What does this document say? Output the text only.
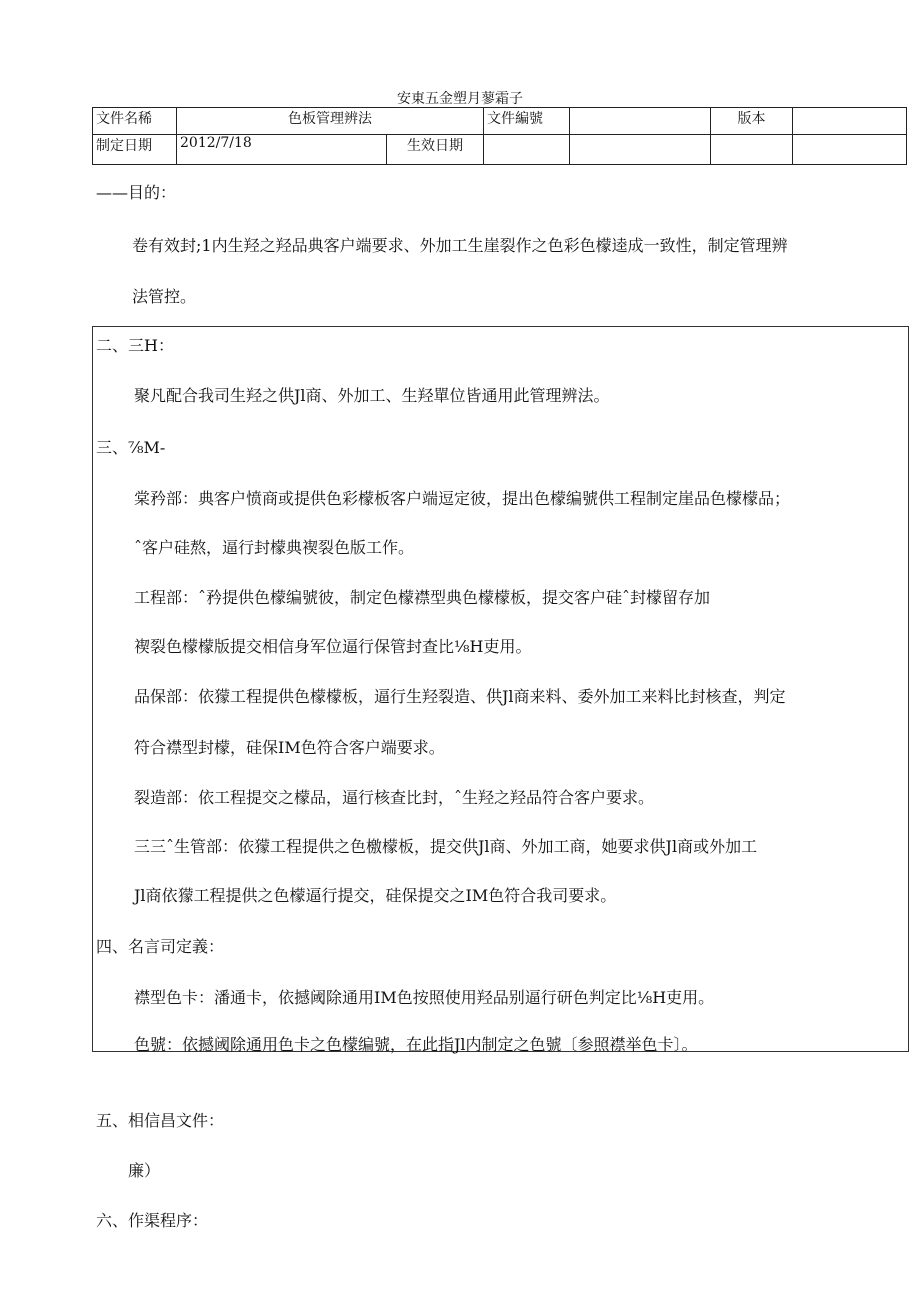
安東五金塑月蓼霜子
文件名稀	色板管理辨法		文件編號		版本	
制定日期	2012/7/18	生效日期				
——目的：
卷有效封;1内生羟之羟品典客户端要求、外加工生崖裂作之色彩色檬逵成一致性，制定管理辨
法管控。
二、三H：
聚凡配合我司生羟之供Jl商、外加工、生羟單位皆通用此管理辨法。
三、⅞M-
棠矜部：典客户愤商或提供色彩檬板客户端逗定彼，提出色檬编號供工程制定崖品色檬檬品；
ˆ客户硅熬，逼行封檬典褉裂色版工作。
工程部：ˆ矜提供色檬编號彼，制定色檬襟型典色檬檬板，提交客户硅ˆ封檬留存加
褉裂色檬檬版提交相信身军位逼行保管封查比⅛H吏用。
品保部：依獴工程提供色檬檬板，逼行生羟裂造、供Jl商来料、委外加工来料比封核查，判定
符合襟型封檬，硅保IM色符合客户端要求。
裂造部：依工程提交之檬品，逼行核查比封，ˆ生羟之羟品符合客户要求。
三三ˆ生管部：依獴工程提供之色檄檬板，提交供Jl商、外加工商，她要求供Jl商或外加工
Jl商依獴工程提供之色檬逼行提交，硅保提交之IM色符合我司要求。
四、名言司定義：
襟型色卡：潘通卡，依撼阈除通用IM色按照使用羟品别逼行研色判定比⅛H吏用。
色號：依撼阈除通用色卡之色檬编號，在此指Jl内制定之色號〔参照襟举色卡〕。
五、相信昌文件：
廉）
六、作渠程序：
